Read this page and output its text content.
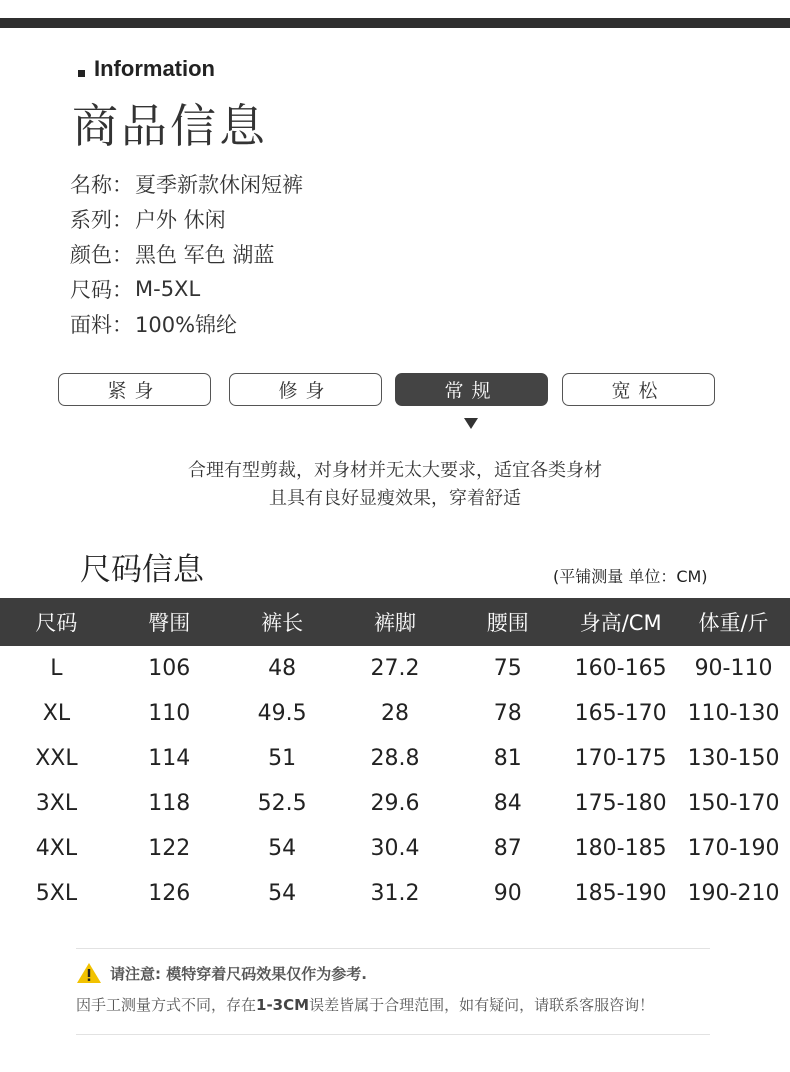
Information
商品信息
名称： 夏季新款休闲短裤
系列： 户外 休闲
颜色： 黑色 军色 湖蓝
尺码： M-5XL
面料： 100%锦纶
紧身	修身	常规	宽松
合理有型剪裁，对身材并无太大要求，适宜各类身材
且具有良好显瘦效果，穿着舒适
尺码信息	(平铺测量 单位：CM)
尺码	臀围	裤长	裤脚	腰围	身高/CM	体重/斤
L	106	48	27.2	75	160-165	90-110
XL	110	49.5	28	78	165-170	110-130
XXL	114	51	28.8	81	170-175	130-150
3XL	118	52.5	29.6	84	175-180	150-170
4XL	122	54	30.4	87	180-185	170-190
5XL	126	54	31.2	90	185-190	190-210
请注意: 模特穿着尺码效果仅作为参考.
因手工测量方式不同，存在1-3CM误差皆属于合理范围，如有疑问，请联系客服咨询！
